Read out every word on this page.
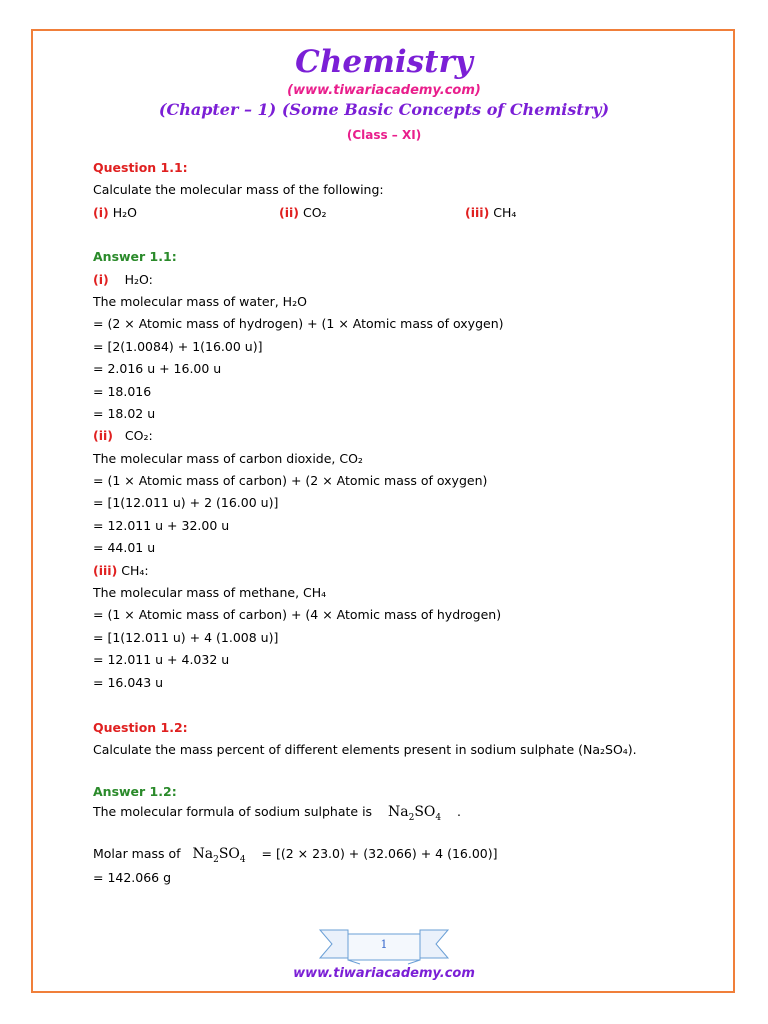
Chemistry
(www.tiwariacademy.com)
(Chapter – 1) (Some Basic Concepts of Chemistry)
(Class – XI)
Question 1.1:
Calculate the molecular mass of the following:
(i) H₂O	(ii) CO₂	(iii) CH₄
Answer 1.1:
(i) H₂O:
The molecular mass of water, H₂O
= (2 × Atomic mass of hydrogen) + (1 × Atomic mass of oxygen)
= [2(1.0084) + 1(16.00 u)]
= 2.016 u + 16.00 u
= 18.016
= 18.02 u
(ii) CO₂:
The molecular mass of carbon dioxide, CO₂
= (1 × Atomic mass of carbon) + (2 × Atomic mass of oxygen)
= [1(12.011 u) + 2 (16.00 u)]
= 12.011 u + 32.00 u
= 44.01 u
(iii) CH₄:
The molecular mass of methane, CH₄
= (1 × Atomic mass of carbon) + (4 × Atomic mass of hydrogen)
= [1(12.011 u) + 4 (1.008 u)]
= 12.011 u + 4.032 u
= 16.043 u
Question 1.2:
Calculate the mass percent of different elements present in sodium sulphate (Na₂SO₄).
Answer 1.2:
The molecular formula of sodium sulphate is $Na_2SO_4$ .
Molar mass of $Na_2SO_4 = [(2 \times 23.0) + (32.066) + 4$ (16.00)]
= 142.066 g
1
www.tiwariacademy.com
